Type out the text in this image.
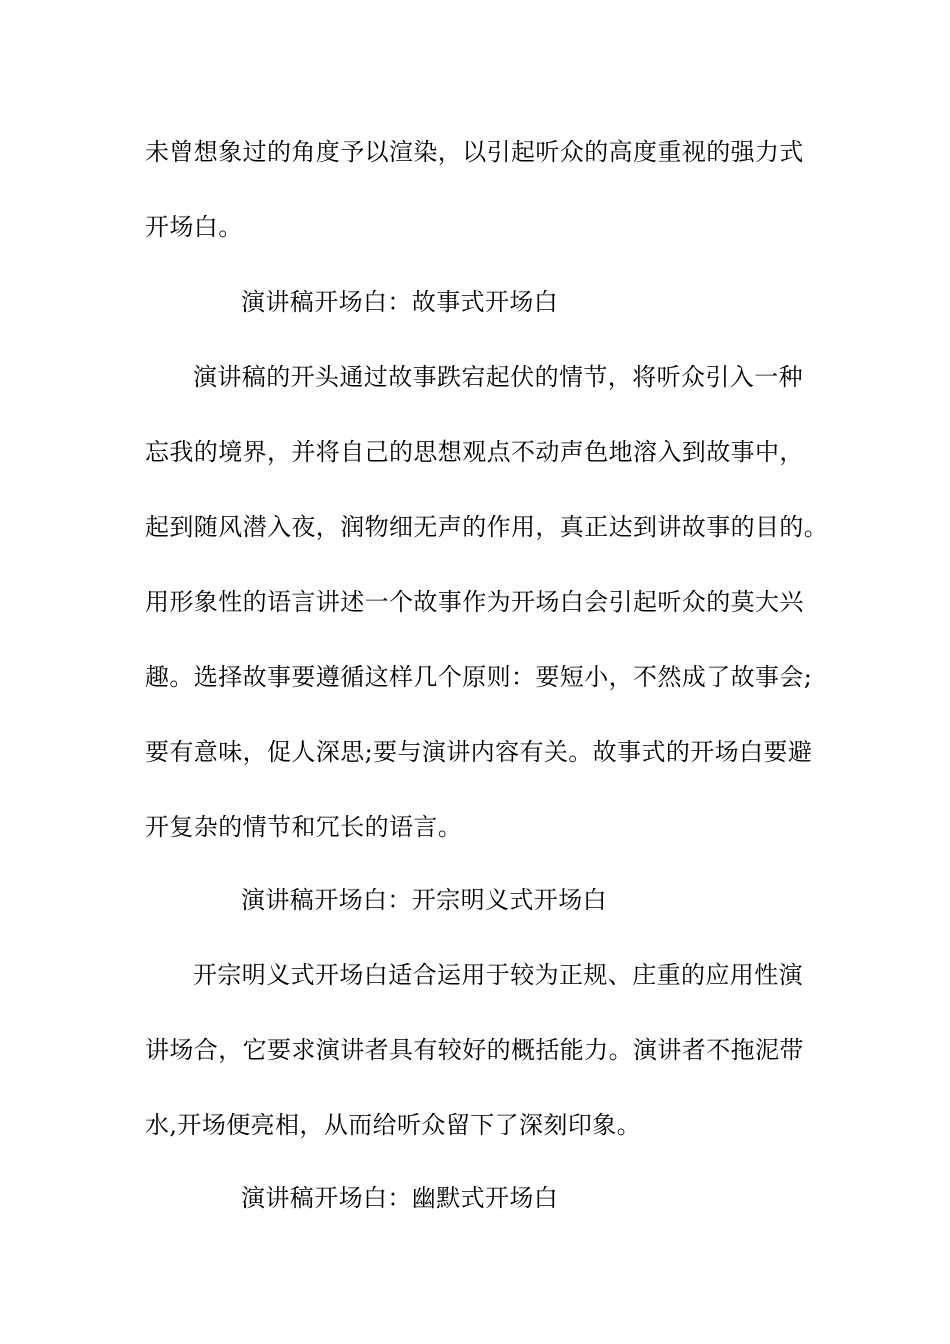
未曾想象过的角度予以渲染，以引起听众的高度重视的强力式
开场白。
演讲稿开场白：故事式开场白
演讲稿的开头通过故事跌宕起伏的情节，将听众引入一种
忘我的境界，并将自己的思想观点不动声色地溶入到故事中，
起到随风潜入夜，润物细无声的作用，真正达到讲故事的目的。
用形象性的语言讲述一个故事作为开场白会引起听众的莫大兴
趣。选择故事要遵循这样几个原则：要短小，不然成了故事会;
要有意味，促人深思;要与演讲内容有关。故事式的开场白要避
开复杂的情节和冗长的语言。
演讲稿开场白：开宗明义式开场白
开宗明义式开场白适合运用于较为正规、庄重的应用性演
讲场合，它要求演讲者具有较好的概括能力。演讲者不拖泥带
水,开场便亮相，从而给听众留下了深刻印象。
演讲稿开场白：幽默式开场白
